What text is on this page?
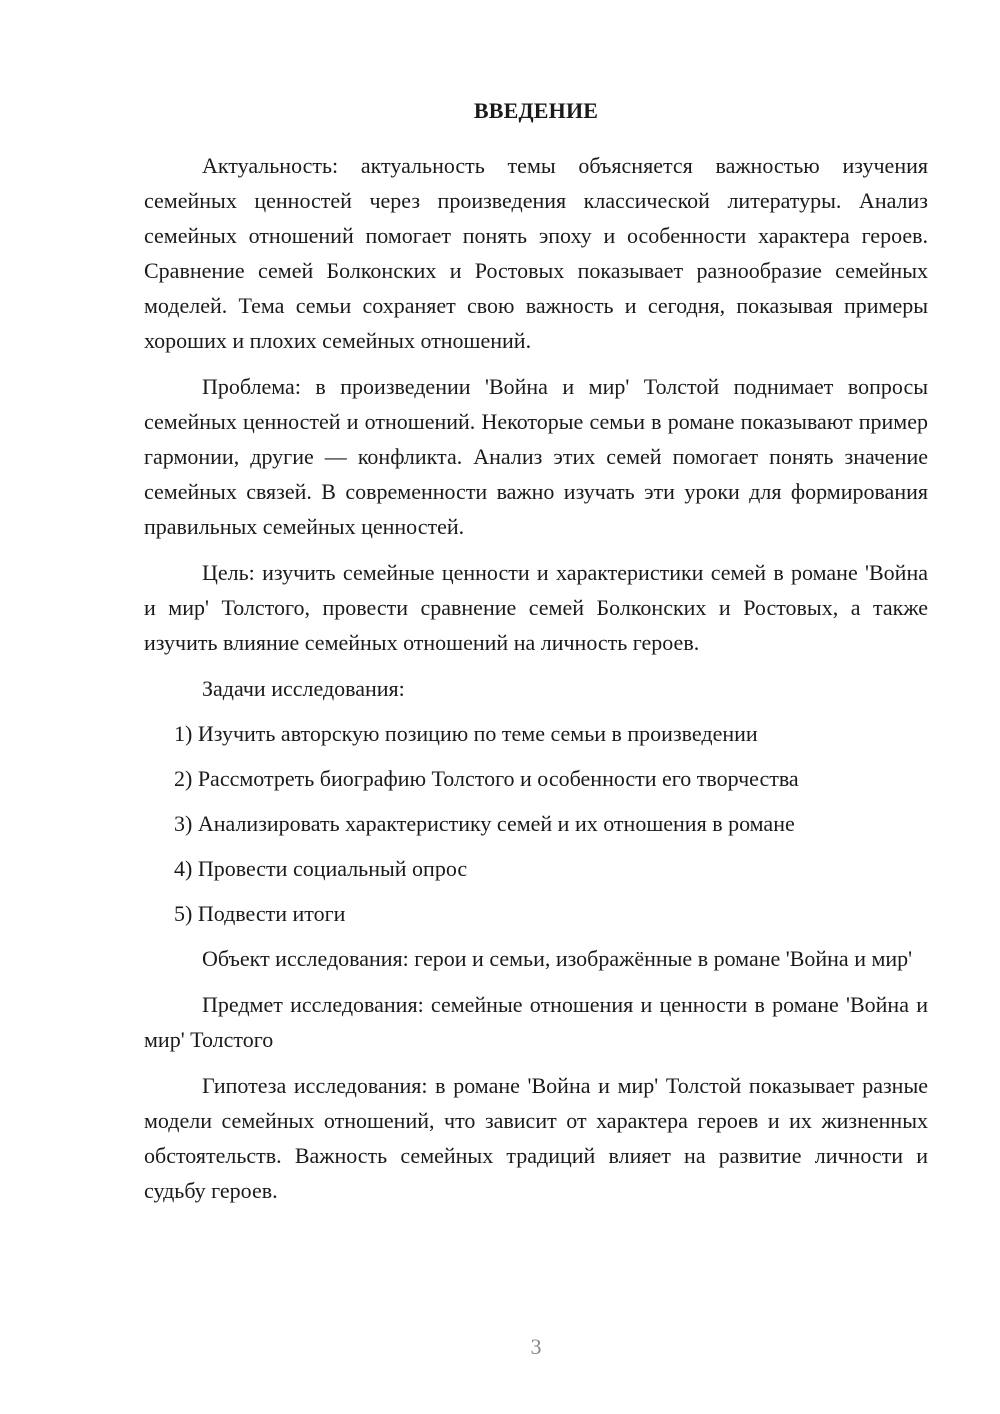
ВВЕДЕНИЕ

Актуальность: актуальность темы объясняется важностью изучения семейных ценностей через произведения классической литературы. Анализ семейных отношений помогает понять эпоху и особенности характера героев. Сравнение семей Болконских и Ростовых показывает разнообразие семейных моделей. Тема семьи сохраняет свою важность и сегодня, показывая примеры хороших и плохих семейных отношений.

Проблема: в произведении 'Война и мир' Толстой поднимает вопросы семейных ценностей и отношений. Некоторые семьи в романе показывают пример гармонии, другие — конфликта. Анализ этих семей помогает понять значение семейных связей. В современности важно изучать эти уроки для формирования правильных семейных ценностей.

Цель: изучить семейные ценности и характеристики семей в романе 'Война и мир' Толстого, провести сравнение семей Болконских и Ростовых, а также изучить влияние семейных отношений на личность героев.

Задачи исследования:
1) Изучить авторскую позицию по теме семьи в произведении
2) Рассмотреть биографию Толстого и особенности его творчества
3) Анализировать характеристику семей и их отношения в романе
4) Провести социальный опрос
5) Подвести итоги

Объект исследования: герои и семьи, изображённые в романе 'Война и мир'

Предмет исследования: семейные отношения и ценности в романе 'Война и мир' Толстого

Гипотеза исследования: в романе 'Война и мир' Толстой показывает разные модели семейных отношений, что зависит от характера героев и их жизненных обстоятельств. Важность семейных традиций влияет на развитие личности и судьбу героев.

3
